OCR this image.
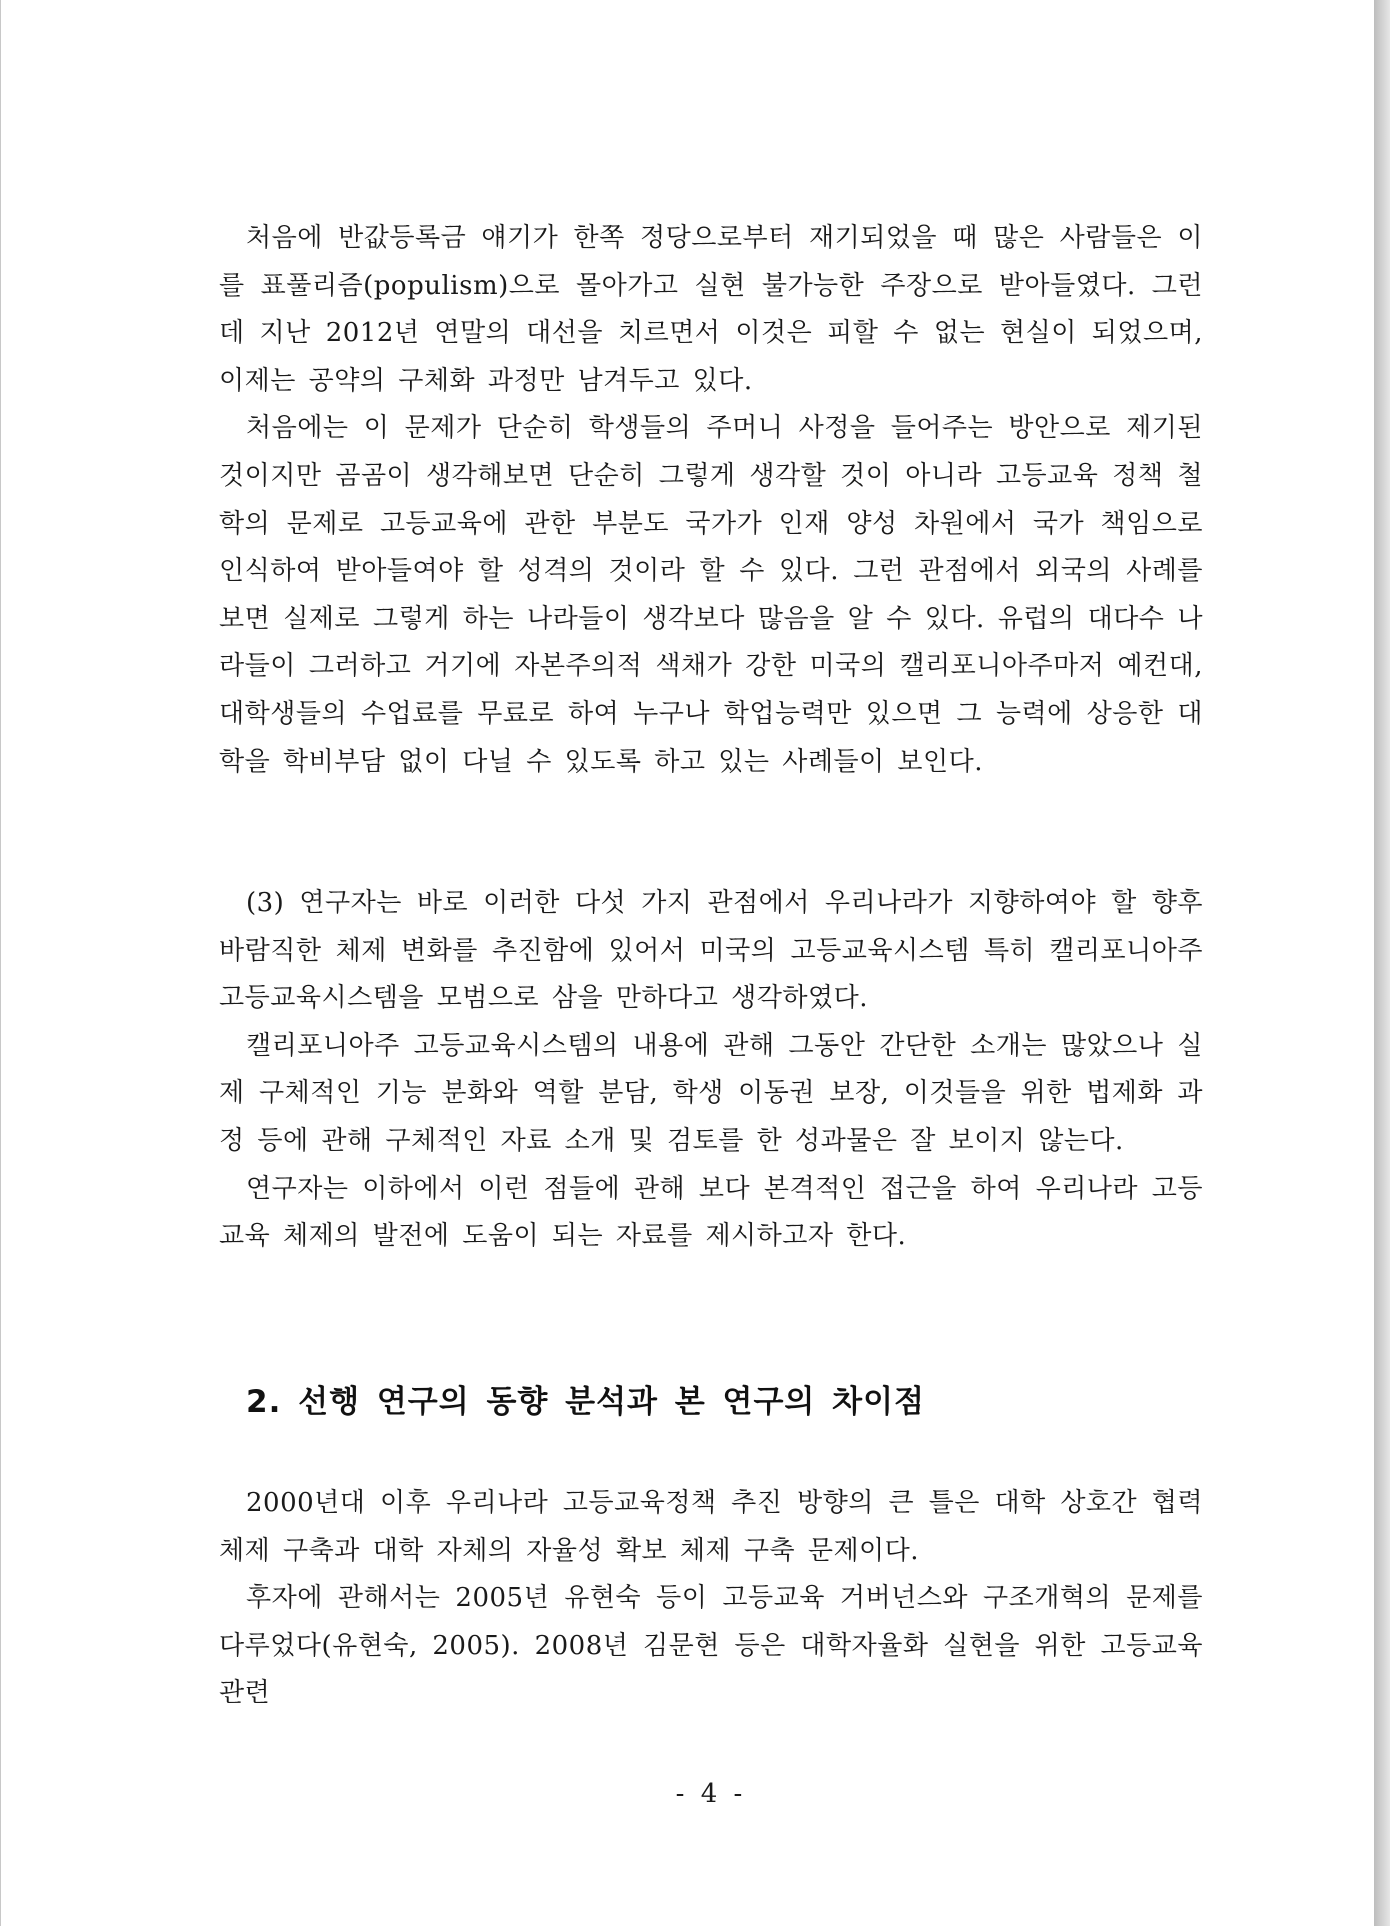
처음에 반값등록금 얘기가 한쪽 정당으로부터 재기되었을 때 많은 사람들은 이를 표풀리즘(populism)으로 몰아가고 실현 불가능한 주장으로 받아들였다. 그런데 지난 2012년 연말의 대선을 치르면서 이것은 피할 수 없는 현실이 되었으며, 이제는 공약의 구체화 과정만 남겨두고 있다.

처음에는 이 문제가 단순히 학생들의 주머니 사정을 들어주는 방안으로 제기된 것이지만 곰곰이 생각해보면 단순히 그렇게 생각할 것이 아니라 고등교육 정책 철학의 문제로 고등교육에 관한 부분도 국가가 인재 양성 차원에서 국가 책임으로 인식하여 받아들여야 할 성격의 것이라 할 수 있다. 그런 관점에서 외국의 사례를 보면 실제로 그렇게 하는 나라들이 생각보다 많음을 알 수 있다. 유럽의 대다수 나라들이 그러하고 거기에 자본주의적 색채가 강한 미국의 캘리포니아주마저 예컨대, 대학생들의 수업료를 무료로 하여 누구나 학업능력만 있으면 그 능력에 상응한 대학을 학비부담 없이 다닐 수 있도록 하고 있는 사례들이 보인다.

(3) 연구자는 바로 이러한 다섯 가지 관점에서 우리나라가 지향하여야 할 향후 바람직한 체제 변화를 추진함에 있어서 미국의 고등교육시스템 특히 캘리포니아주 고등교육시스템을 모범으로 삼을 만하다고 생각하였다.

캘리포니아주 고등교육시스템의 내용에 관해 그동안 간단한 소개는 많았으나 실제 구체적인 기능 분화와 역할 분담, 학생 이동권 보장, 이것들을 위한 법제화 과정 등에 관해 구체적인 자료 소개 및 검토를 한 성과물은 잘 보이지 않는다.

연구자는 이하에서 이런 점들에 관해 보다 본격적인 접근을 하여 우리나라 고등교육 체제의 발전에 도움이 되는 자료를 제시하고자 한다.

2. 선행 연구의 동향 분석과 본 연구의 차이점

2000년대 이후 우리나라 고등교육정책 추진 방향의 큰 틀은 대학 상호간 협력 체제 구축과 대학 자체의 자율성 확보 체제 구축 문제이다.

후자에 관해서는 2005년 유현숙 등이 고등교육 거버넌스와 구조개혁의 문제를 다루었다(유현숙, 2005). 2008년 김문현 등은 대학자율화 실현을 위한 고등교육 관련

- 4 -
